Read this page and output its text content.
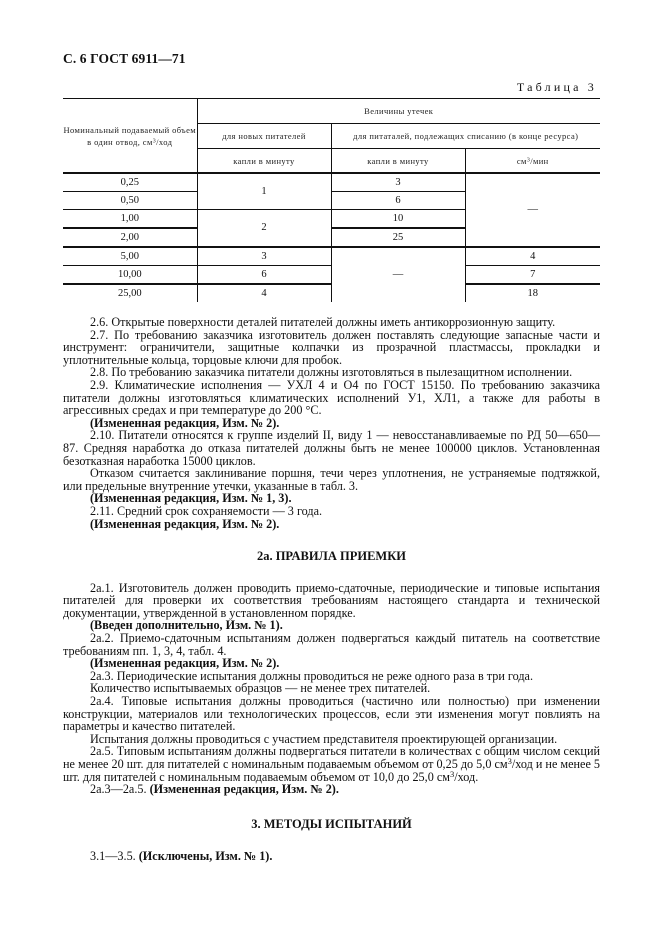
С. 6 ГОСТ 6911—71
Таблица 3
Номинальный подаваемый объем в один отвод, $см^3$/ход	Величины утечек		
	для новых питателей	для питаталей, подлежащих списанию (в конце ресурса)	
	капли в минуту	капли в минуту	$см^3$/мин
0,25	1	3	—
0,50		6	
1,00	2	10	
2,00		25	
5,00	3	—	4
10,00	6		7
25,00	4		18

2.6. Открытые поверхности деталей питателей должны иметь антикоррозионную защиту.

2.7. По требованию заказчика изготовитель должен поставлять следующие запасные части и инструмент: ограничители, защитные колпачки из прозрачной пластмассы, прокладки и уплотнительные кольца, торцовые ключи для пробок.

2.8. По требованию заказчика питатели должны изготовляться в пылезащитном исполнении.

2.9. Климатические исполнения — УХЛ 4 и О4 по ГОСТ 15150. По требованию заказчика питатели должны изготовляться климатических исполнений У1, ХЛ1, а также для работы в агрессивных средах и при температуре до 200 °С.

(Измененная редакция, Изм. № 2).

2.10. Питатели относятся к группе изделий II, виду 1 — невосстанавливаемые по РД 50—650—87. Средняя наработка до отказа питателей должны быть не менее 100000 циклов. Установленная безотказная наработка 15000 циклов.

Отказом считается заклинивание поршня, течи через уплотнения, не устраняемые подтяжкой, или предельные внутренние утечки, указанные в табл. 3.

(Измененная редакция, Изм. № 1, 3).

2.11. Средний срок сохраняемости — 3 года.

(Измененная редакция, Изм. № 2).

2а. ПРАВИЛА ПРИЕМКИ

2а.1. Изготовитель должен проводить приемо-сдаточные, периодические и типовые испытания питателей для проверки их соответствия требованиям настоящего стандарта и технической документации, утвержденной в установленном порядке.

(Введен дополнительно, Изм. № 1).

2а.2. Приемо-сдаточным испытаниям должен подвергаться каждый питатель на соответствие требованиям пп. 1, 3, 4, табл. 4.

(Измененная редакция, Изм. № 2).

2а.3. Периодические испытания должны проводиться не реже одного раза в три года.

Количество испытываемых образцов — не менее трех питателей.

2а.4. Типовые испытания должны проводиться (частично или полностью) при изменении конструкции, материалов или технологических процессов, если эти изменения могут повлиять на параметры и качество питателей.

Испытания должны проводиться с участием представителя проектирующей организации.

2а.5. Типовым испытаниям должны подвергаться питатели в количествах с общим числом секций не менее 20 шт. для питателей с номинальным подаваемым объемом от 0,25 до 5,0 $см^3$/ход и не менее 5 шт. для питателей с номинальным подаваемым объемом от 10,0 до 25,0 $см^3$/ход.

2а.3—2а.5. (Измененная редакция, Изм. № 2).

3. МЕТОДЫ ИСПЫТАНИЙ

3.1—3.5. (Исключены, Изм. № 1).
